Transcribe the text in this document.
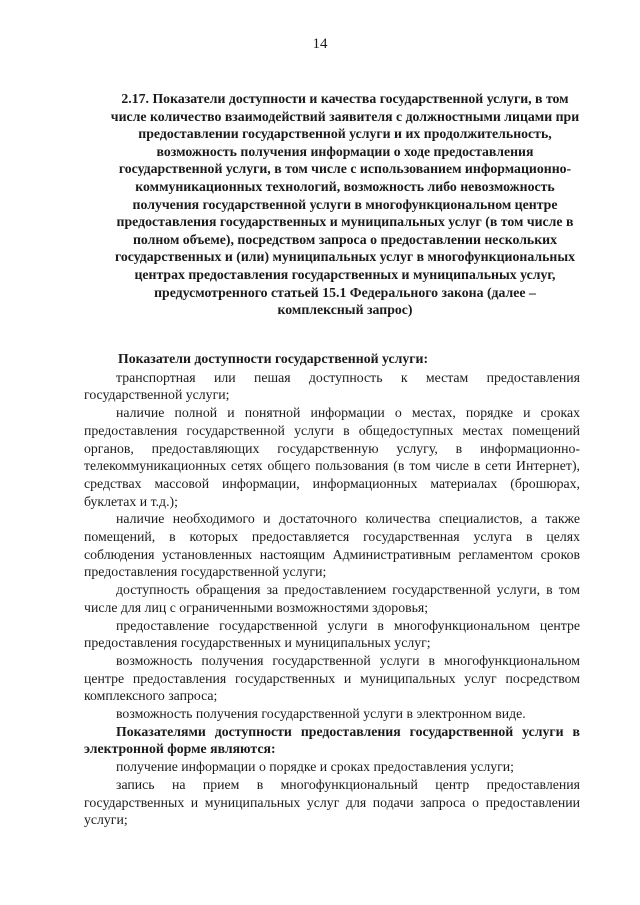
14
2.17. Показатели доступности и качества государственной услуги, в том числе количество взаимодействий заявителя с должностными лицами при предоставлении государственной услуги и их продолжительность, возможность получения информации о ходе предоставления государственной услуги, в том числе с использованием информационно-коммуникационных технологий, возможность либо невозможность получения государственной услуги в многофункциональном центре предоставления государственных и муниципальных услуг (в том числе в полном объеме), посредством запроса о предоставлении нескольких государственных и (или) муниципальных услуг в многофункциональных центрах предоставления государственных и муниципальных услуг, предусмотренного статьей 15.1 Федерального закона (далее – комплексный запрос)

Показатели доступности государственной услуги:

транспортная или пешая доступность к местам предоставления государственной услуги;

наличие полной и понятной информации о местах, порядке и сроках предоставления государственной услуги в общедоступных местах помещений органов, предоставляющих государственную услугу, в информационно-телекоммуникационных сетях общего пользования (в том числе в сети Интернет), средствах массовой информации, информационных материалах (брошюрах, буклетах и т.д.);

наличие необходимого и достаточного количества специалистов, а также помещений, в которых предоставляется государственная услуга в целях соблюдения установленных настоящим Административным регламентом сроков предоставления государственной услуги;

доступность обращения за предоставлением государственной услуги, в том числе для лиц с ограниченными возможностями здоровья;

предоставление государственной услуги в многофункциональном центре предоставления государственных и муниципальных услуг;

возможность получения государственной услуги в многофункциональном центре предоставления государственных и муниципальных услуг посредством комплексного запроса;

возможность получения государственной услуги в электронном виде.

Показателями доступности предоставления государственной услуги в электронной форме являются:

получение информации о порядке и сроках предоставления услуги;

запись на прием в многофункциональный центр предоставления государственных и муниципальных услуг для подачи запроса о предоставлении услуги;
